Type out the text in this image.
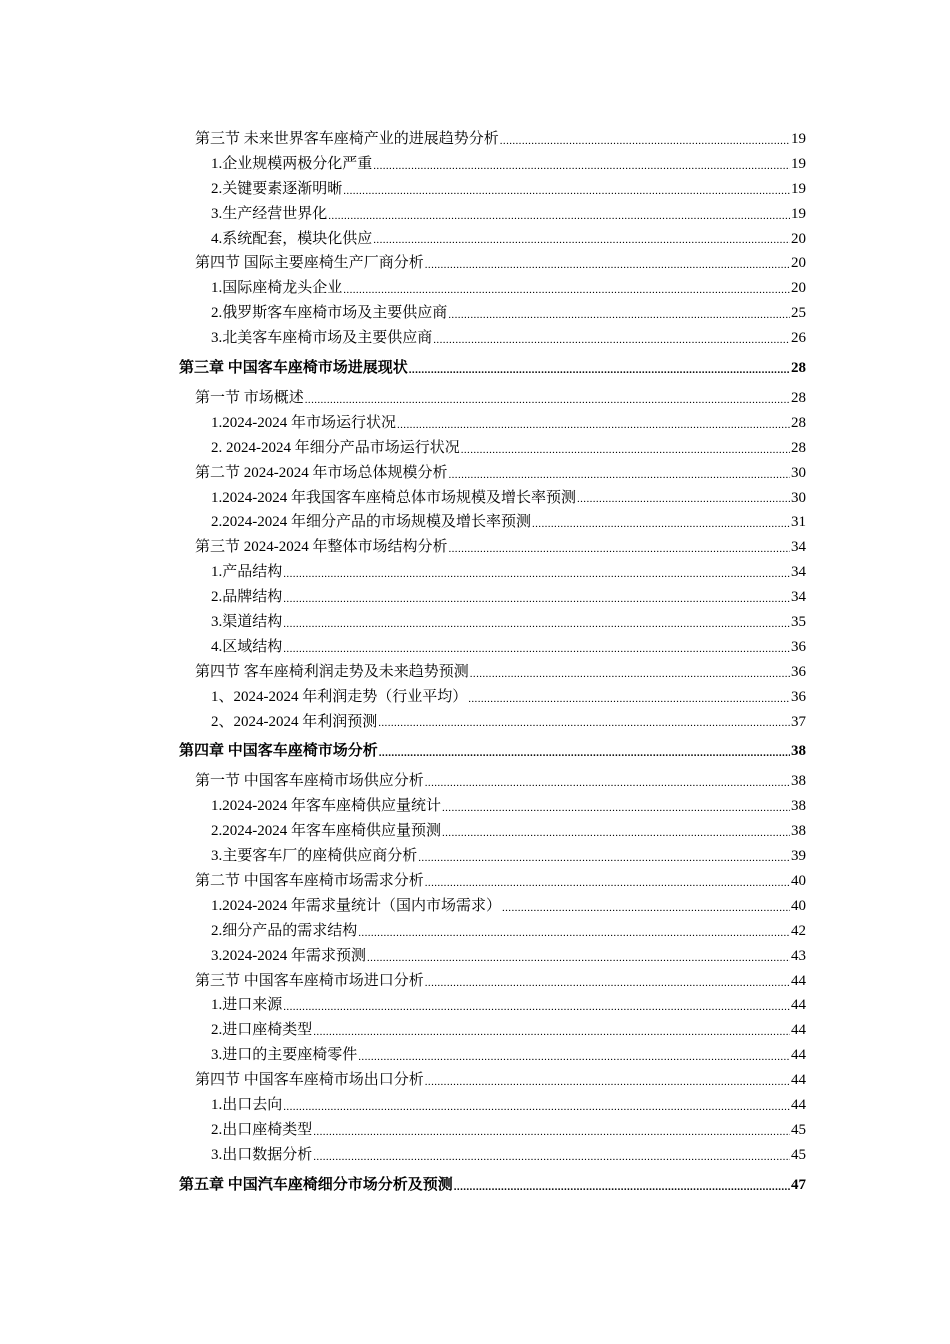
第三节 未来世界客车座椅产业的进展趋势分析 .....	19
1.企业规模两极分化严重 .....	19
2.关键要素逐渐明晰 .....	19
3.生产经营世界化 .....	19
4.系统配套，模块化供应 .....	20
第四节 国际主要座椅生产厂商分析 .....	20
1.国际座椅龙头企业 .....	20
2.俄罗斯客车座椅市场及主要供应商 .....	25
3.北美客车座椅市场及主要供应商 .....	26
第三章 中国客车座椅市场进展现状 .....	28
第一节 市场概述 .....	28
1.2024-2024 年市场运行状况 .....	28
2. 2024-2024 年细分产品市场运行状况 .....	28
第二节 2024-2024 年市场总体规模分析 .....	30
1.2024-2024 年我国客车座椅总体市场规模及增长率预测 .....	30
2.2024-2024 年细分产品的市场规模及增长率预测 .....	31
第三节 2024-2024 年整体市场结构分析 .....	34
1.产品结构 .....	34
2.品牌结构 .....	34
3.渠道结构 .....	35
4.区域结构 .....	36
第四节 客车座椅利润走势及未来趋势预测 .....	36
1、2024-2024 年利润走势（行业平均） .....	36
2、2024-2024 年利润预测 .....	37
第四章 中国客车座椅市场分析 .....	38
第一节 中国客车座椅市场供应分析 .....	38
1.2024-2024 年客车座椅供应量统计 .....	38
2.2024-2024 年客车座椅供应量预测 .....	38
3.主要客车厂的座椅供应商分析 .....	39
第二节 中国客车座椅市场需求分析 .....	40
1.2024-2024 年需求量统计（国内市场需求） .....	40
2.细分产品的需求结构 .....	42
3.2024-2024 年需求预测 .....	43
第三节 中国客车座椅市场进口分析 .....	44
1.进口来源 .....	44
2.进口座椅类型 .....	44
3.进口的主要座椅零件 .....	44
第四节 中国客车座椅市场出口分析 .....	44
1.出口去向 .....	44
2.出口座椅类型 .....	45
3.出口数据分析 .....	45
第五章 中国汽车座椅细分市场分析及预测 .....	47
